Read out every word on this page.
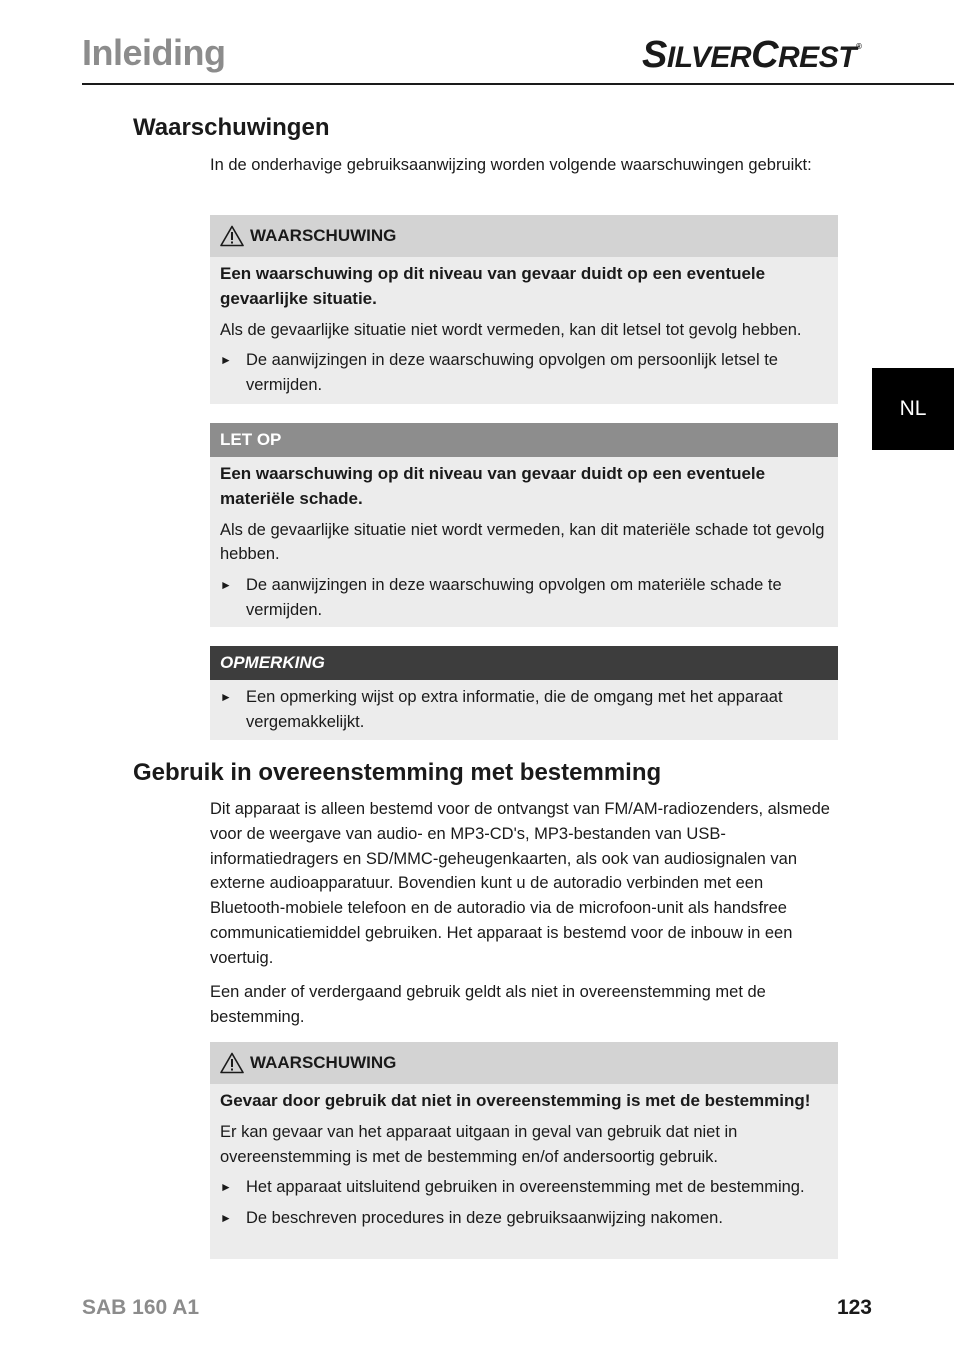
Inleiding	SILVERCREST®
NL
Waarschuwingen
In de onderhavige gebruiksaanwijzing worden volgende waarschuwingen gebruikt:
WAARSCHUWING
Een waarschuwing op dit niveau van gevaar duidt op een eventuele gevaarlijke situatie.
Als de gevaarlijke situatie niet wordt vermeden, kan dit letsel tot gevolg hebben.
► De aanwijzingen in deze waarschuwing opvolgen om persoonlijk letsel te vermijden.
LET OP
Een waarschuwing op dit niveau van gevaar duidt op een eventuele materiële schade.
Als de gevaarlijke situatie niet wordt vermeden, kan dit materiële schade tot gevolg hebben.
► De aanwijzingen in deze waarschuwing opvolgen om materiële schade te vermijden.
OPMERKING
► Een opmerking wijst op extra informatie, die de omgang met het apparaat vergemakkelijkt.
Gebruik in overeenstemming met bestemming
Dit apparaat is alleen bestemd voor de ontvangst van FM/AM-radiozenders, alsmede voor de weergave van audio- en MP3-CD's, MP3-bestanden van USB-informatiedragers en SD/MMC-geheugenkaarten, als ook van audiosignalen van externe audioapparatuur. Bovendien kunt u de autoradio verbinden met een Bluetooth-mobiele telefoon en de autoradio via de microfoon-unit als handsfree communicatiemiddel gebruiken. Het apparaat is bestemd voor de inbouw in een voertuig.
Een ander of verdergaand gebruik geldt als niet in overeenstemming met de bestemming.
WAARSCHUWING
Gevaar door gebruik dat niet in overeenstemming is met de bestemming!
Er kan gevaar van het apparaat uitgaan in geval van gebruik dat niet in overeenstemming is met de bestemming en/of andersoortig gebruik.
► Het apparaat uitsluitend gebruiken in overeenstemming met de bestemming.
► De beschreven procedures in deze gebruiksaanwijzing nakomen.
SAB 160 A1	123
